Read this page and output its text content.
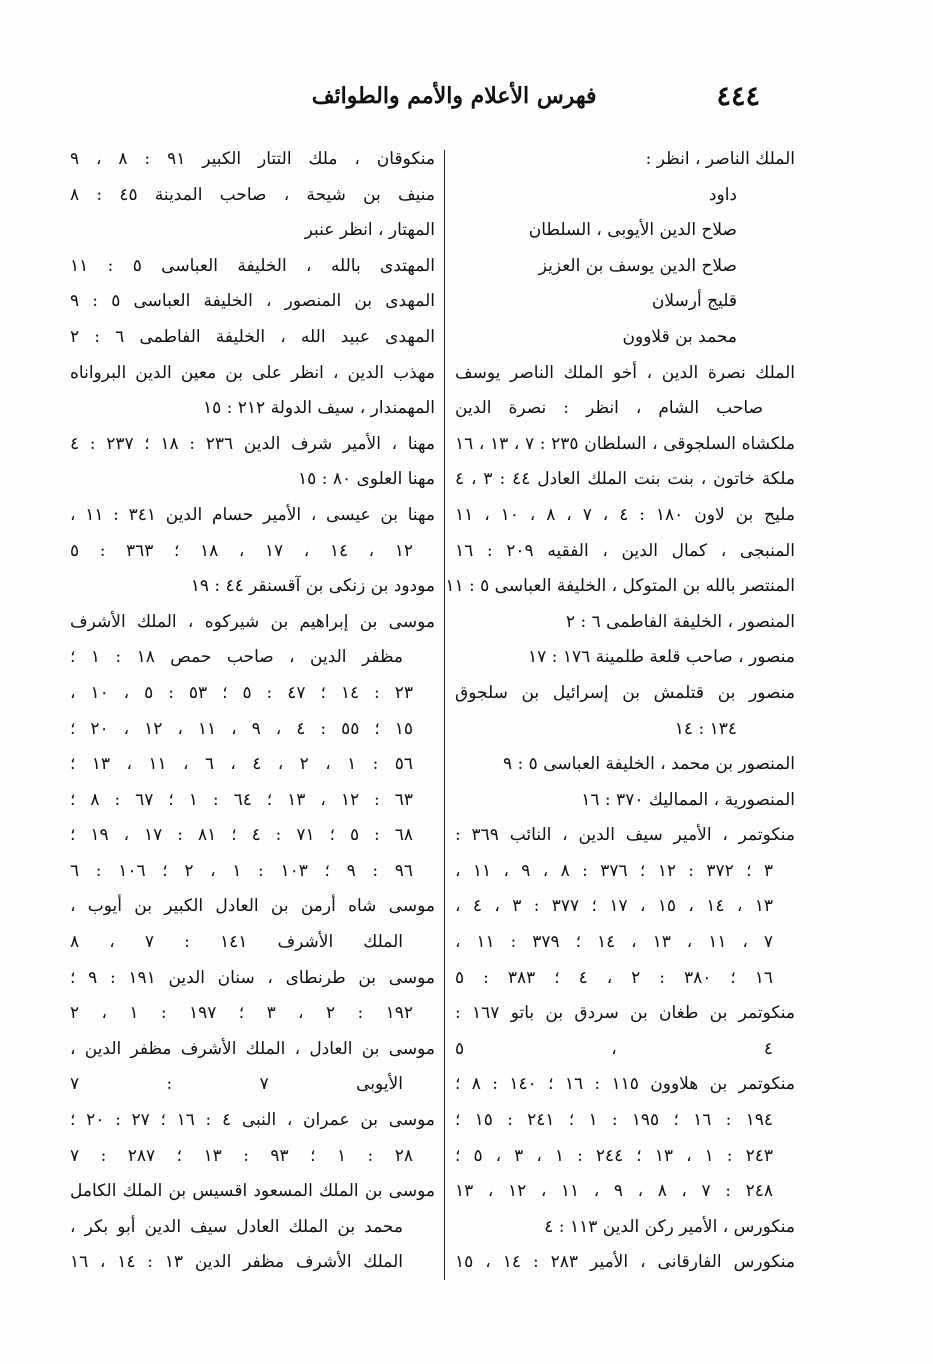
٤٤٤
فهرس الأعلام والأمم والطوائف
الملك الناصر ، انظر :
داود
صلاح الدين الأيوبى ، السلطان
صلاح الدين يوسف بن العزيز
قليج أرسلان
محمد بن قلاوون
الملك نصرة الدين ، أخو الملك الناصر يوسف
صاحب الشام ، انظر : نصرة الدين
ملكشاه السلجوقى ، السلطان ٢٣٥ : ٧ ، ١٣ ، ١٦
ملكة خاتون ، بنت بنت الملك العادل ٤٤ : ٣ ، ٤
مليح بن لاون ١٨٠ : ٤ ، ٧ ، ٨ ، ١٠ ، ١١
المنبجى ، كمال الدين ، الفقيه ٢٠٩ : ١٦
المنتصر بالله بن المتوكل ، الخليفة العباسى ٥ : ١١
المنصور ، الخليفة الفاطمى ٦ : ٢
منصور ، صاحب قلعة طلمينة ١٧٦ : ١٧
منصور بن قتلمش بن إسرائيل بن سلجوق
١٣٤ : ١٤
المنصور بن محمد ، الخليفة العباسى ٥ : ٩
المنصورية ، المماليك ٣٧٠ : ١٦
منكوتمر ، الأمير سيف الدين ، النائب ٣٦٩ :
٣ ؛ ٣٧٢ : ١٢ ؛ ٣٧٦ : ٨ ، ٩ ، ١١ ،
١٣ ، ١٤ ، ١٥ ، ١٧ ؛ ٣٧٧ : ٣ ، ٤ ،
٧ ، ١١ ، ١٣ ، ١٤ ؛ ٣٧٩ : ١١ ،
١٦ ؛ ٣٨٠ : ٢ ، ٤ ؛ ٣٨٣ : ٥
منكوتمر بن طغان بن سردق بن باتو ١٦٧ :
٤ ، ٥
منكوتمر بن هلاوون ١١٥ : ١٦ ؛ ١٤٠ : ٨ ؛
١٩٤ : ١٦ ؛ ١٩٥ : ١ ؛ ٢٤١ : ١٥ ؛
٢٤٣ : ١ ، ١٣ ؛ ٢٤٤ : ١ ، ٣ ، ٥ ؛
٢٤٨ : ٧ ، ٨ ، ٩ ، ١١ ، ١٢ ، ١٣
منكورس ، الأمير ركن الدين ١١٣ : ٤
منكورس الفارقانى ، الأمير ٢٨٣ : ١٤ ، ١٥
منكوقان ، ملك التتار الكبير ٩١ : ٨ ، ٩
منيف بن شيحة ، صاحب المدينة ٤٥ : ٨
المهتار ، انظر عنبر
المهتدى بالله ، الخليفة العباسى ٥ : ١١
المهدى بن المنصور ، الخليفة العباسى ٥ : ٩
المهدى عبيد الله ، الخليفة الفاطمى ٦ : ٢
مهذب الدين ، انظر على بن معين الدين البرواناه
المهمندار ، سيف الدولة ٢١٢ : ١٥
مهنا ، الأمير شرف الدين ٢٣٦ : ١٨ ؛ ٢٣٧ : ٤
مهنا العلوى ٨٠ : ١٥
مهنا بن عيسى ، الأمير حسام الدين ٣٤١ : ١١ ،
١٢ ، ١٤ ، ١٧ ، ١٨ ؛ ٣٦٣ : ٥
مودود بن زنكى بن آقسنقر ٤٤ : ١٩
موسى بن إبراهيم بن شيركوه ، الملك الأشرف
مظفر الدين ، صاحب حمص ١٨ : ١ ؛
٢٣ : ١٤ ؛ ٤٧ : ٥ ؛ ٥٣ : ٥ ، ١٠ ،
١٥ ؛ ٥٥ : ٤ ، ٩ ، ١١ ، ١٢ ، ٢٠ ؛
٥٦ : ١ ، ٢ ، ٤ ، ٦ ، ١١ ، ١٣ ؛
٦٣ : ١٢ ، ١٣ ؛ ٦٤ : ١ ؛ ٦٧ : ٨ ؛
٦٨ : ٥ ؛ ٧١ : ٤ ؛ ٨١ : ١٧ ، ١٩ ؛
٩٦ : ٩ ؛ ١٠٣ : ١ ، ٢ ؛ ١٠٦ : ٦
موسى شاه أرمن بن العادل الكبير بن أيوب ،
الملك الأشرف ١٤١ : ٧ ، ٨
موسى بن طرنطاى ، سنان الدين ١٩١ : ٩ ؛
١٩٢ : ٢ ، ٣ ؛ ١٩٧ : ١ ، ٢
موسى بن العادل ، الملك الأشرف مظفر الدين ،
الأيوبى ٧ : ٧
موسى بن عمران ، النبى ٤ : ١٦ ؛ ٢٧ : ٢٠ ؛
٢٨ : ١ ؛ ٩٣ : ١٣ ؛ ٢٨٧ : ٧
موسى بن الملك المسعود اقسيس بن الملك الكامل
محمد بن الملك العادل سيف الدين أبو بكر ،
الملك الأشرف مظفر الدين ١٣ : ١٤ ، ١٦
